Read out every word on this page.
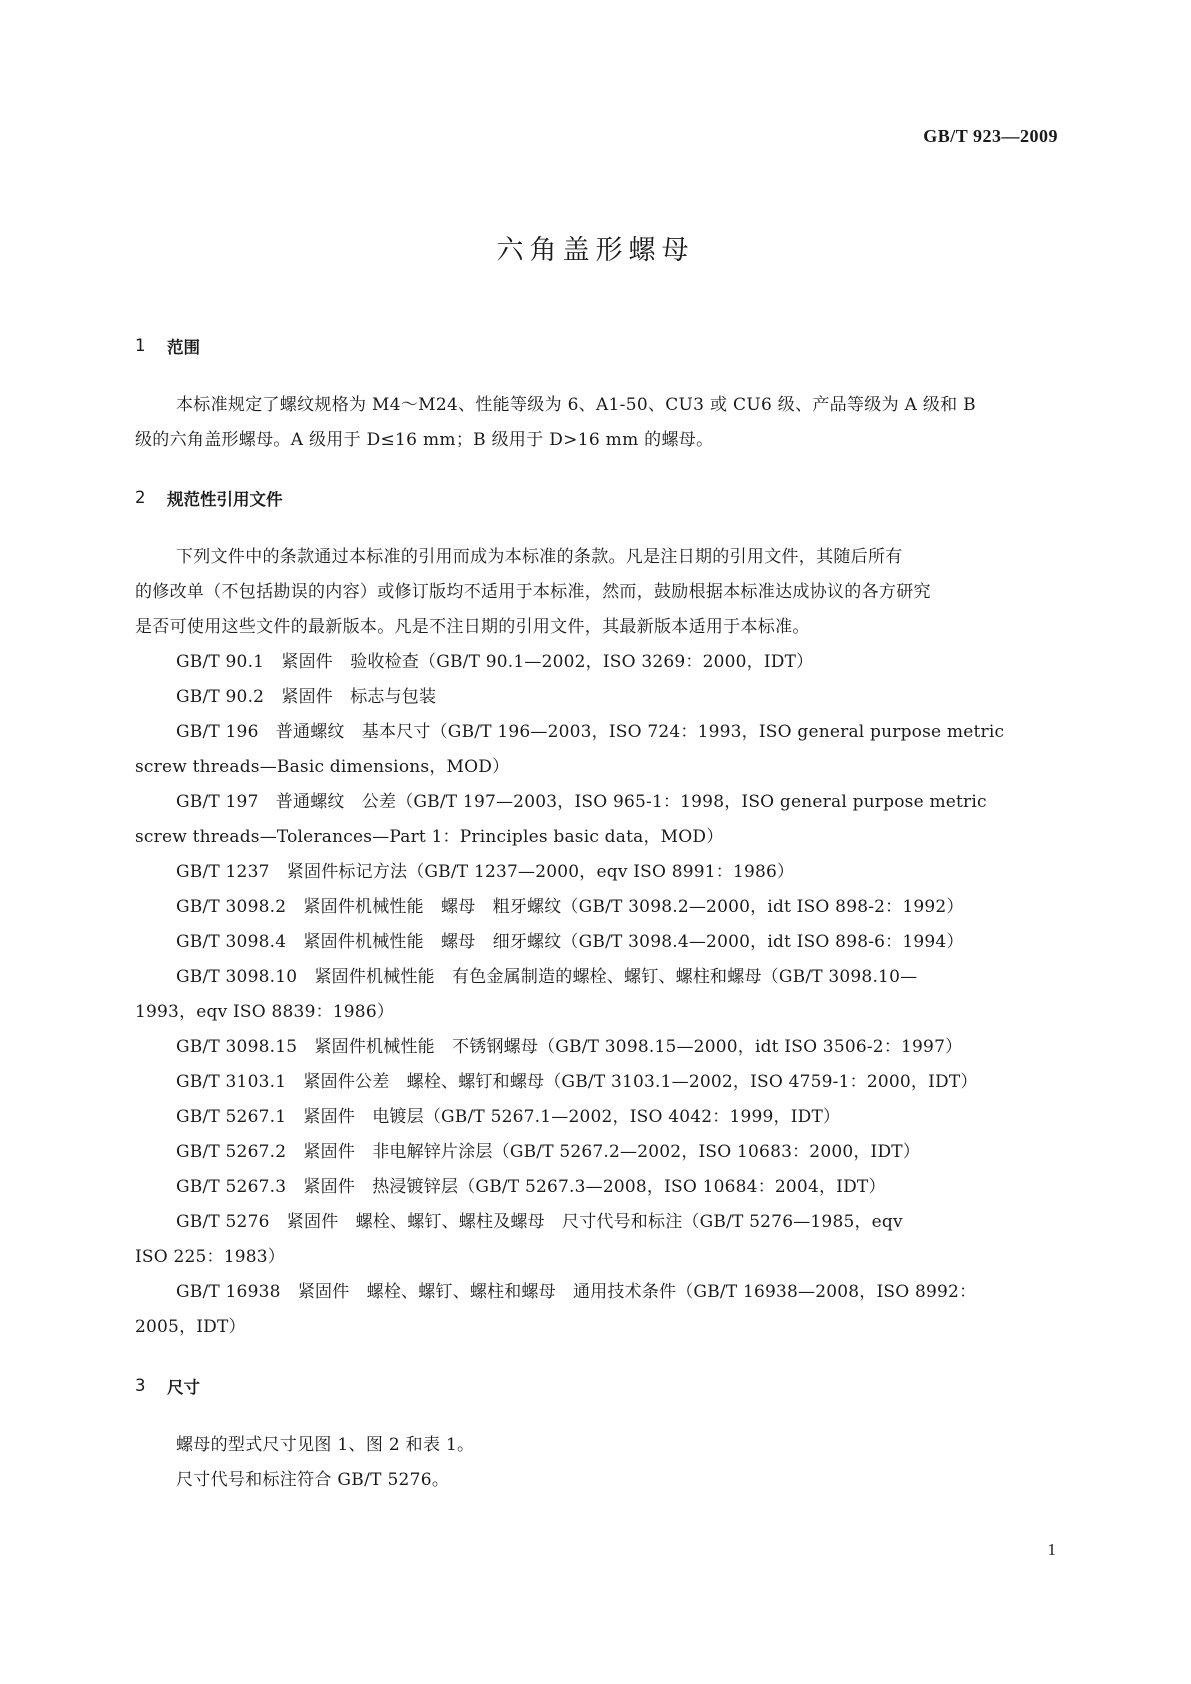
GB/T 923—2009
六角盖形螺母
1	范围
本标准规定了螺纹规格为 M4～M24、性能等级为 6、A1-50、CU3 或 CU6 级、产品等级为 A 级和 B
级的六角盖形螺母。A 级用于 D≤16 mm；B 级用于 D>16 mm 的螺母。
2	规范性引用文件
下列文件中的条款通过本标准的引用而成为本标准的条款。凡是注日期的引用文件，其随后所有
的修改单（不包括勘误的内容）或修订版均不适用于本标准，然而，鼓励根据本标准达成协议的各方研究
是否可使用这些文件的最新版本。凡是不注日期的引用文件，其最新版本适用于本标准。
GB/T 90.1　紧固件　验收检查（GB/T 90.1—2002，ISO 3269：2000，IDT）
GB/T 90.2　紧固件　标志与包装
GB/T 196　普通螺纹　基本尺寸（GB/T 196—2003，ISO 724：1993，ISO general purpose metric
screw threads—Basic dimensions，MOD）
GB/T 197　普通螺纹　公差（GB/T 197—2003，ISO 965-1：1998，ISO general purpose metric
screw threads—Tolerances—Part 1：Principles basic data，MOD）
GB/T 1237　紧固件标记方法（GB/T 1237—2000，eqv ISO 8991：1986）
GB/T 3098.2　紧固件机械性能　螺母　粗牙螺纹（GB/T 3098.2—2000，idt ISO 898-2：1992）
GB/T 3098.4　紧固件机械性能　螺母　细牙螺纹（GB/T 3098.4—2000，idt ISO 898-6：1994）
GB/T 3098.10　紧固件机械性能　有色金属制造的螺栓、螺钉、螺柱和螺母（GB/T 3098.10—
1993，eqv ISO 8839：1986）
GB/T 3098.15　紧固件机械性能　不锈钢螺母（GB/T 3098.15—2000，idt ISO 3506-2：1997）
GB/T 3103.1　紧固件公差　螺栓、螺钉和螺母（GB/T 3103.1—2002，ISO 4759-1：2000，IDT）
GB/T 5267.1　紧固件　电镀层（GB/T 5267.1—2002，ISO 4042：1999，IDT）
GB/T 5267.2　紧固件　非电解锌片涂层（GB/T 5267.2—2002，ISO 10683：2000，IDT）
GB/T 5267.3　紧固件　热浸镀锌层（GB/T 5267.3—2008，ISO 10684：2004，IDT）
GB/T 5276　紧固件　螺栓、螺钉、螺柱及螺母　尺寸代号和标注（GB/T 5276—1985，eqv
ISO 225：1983）
GB/T 16938　紧固件　螺栓、螺钉、螺柱和螺母　通用技术条件（GB/T 16938—2008，ISO 8992：
2005，IDT）
3	尺寸
螺母的型式尺寸见图 1、图 2 和表 1。
尺寸代号和标注符合 GB/T 5276。
1
